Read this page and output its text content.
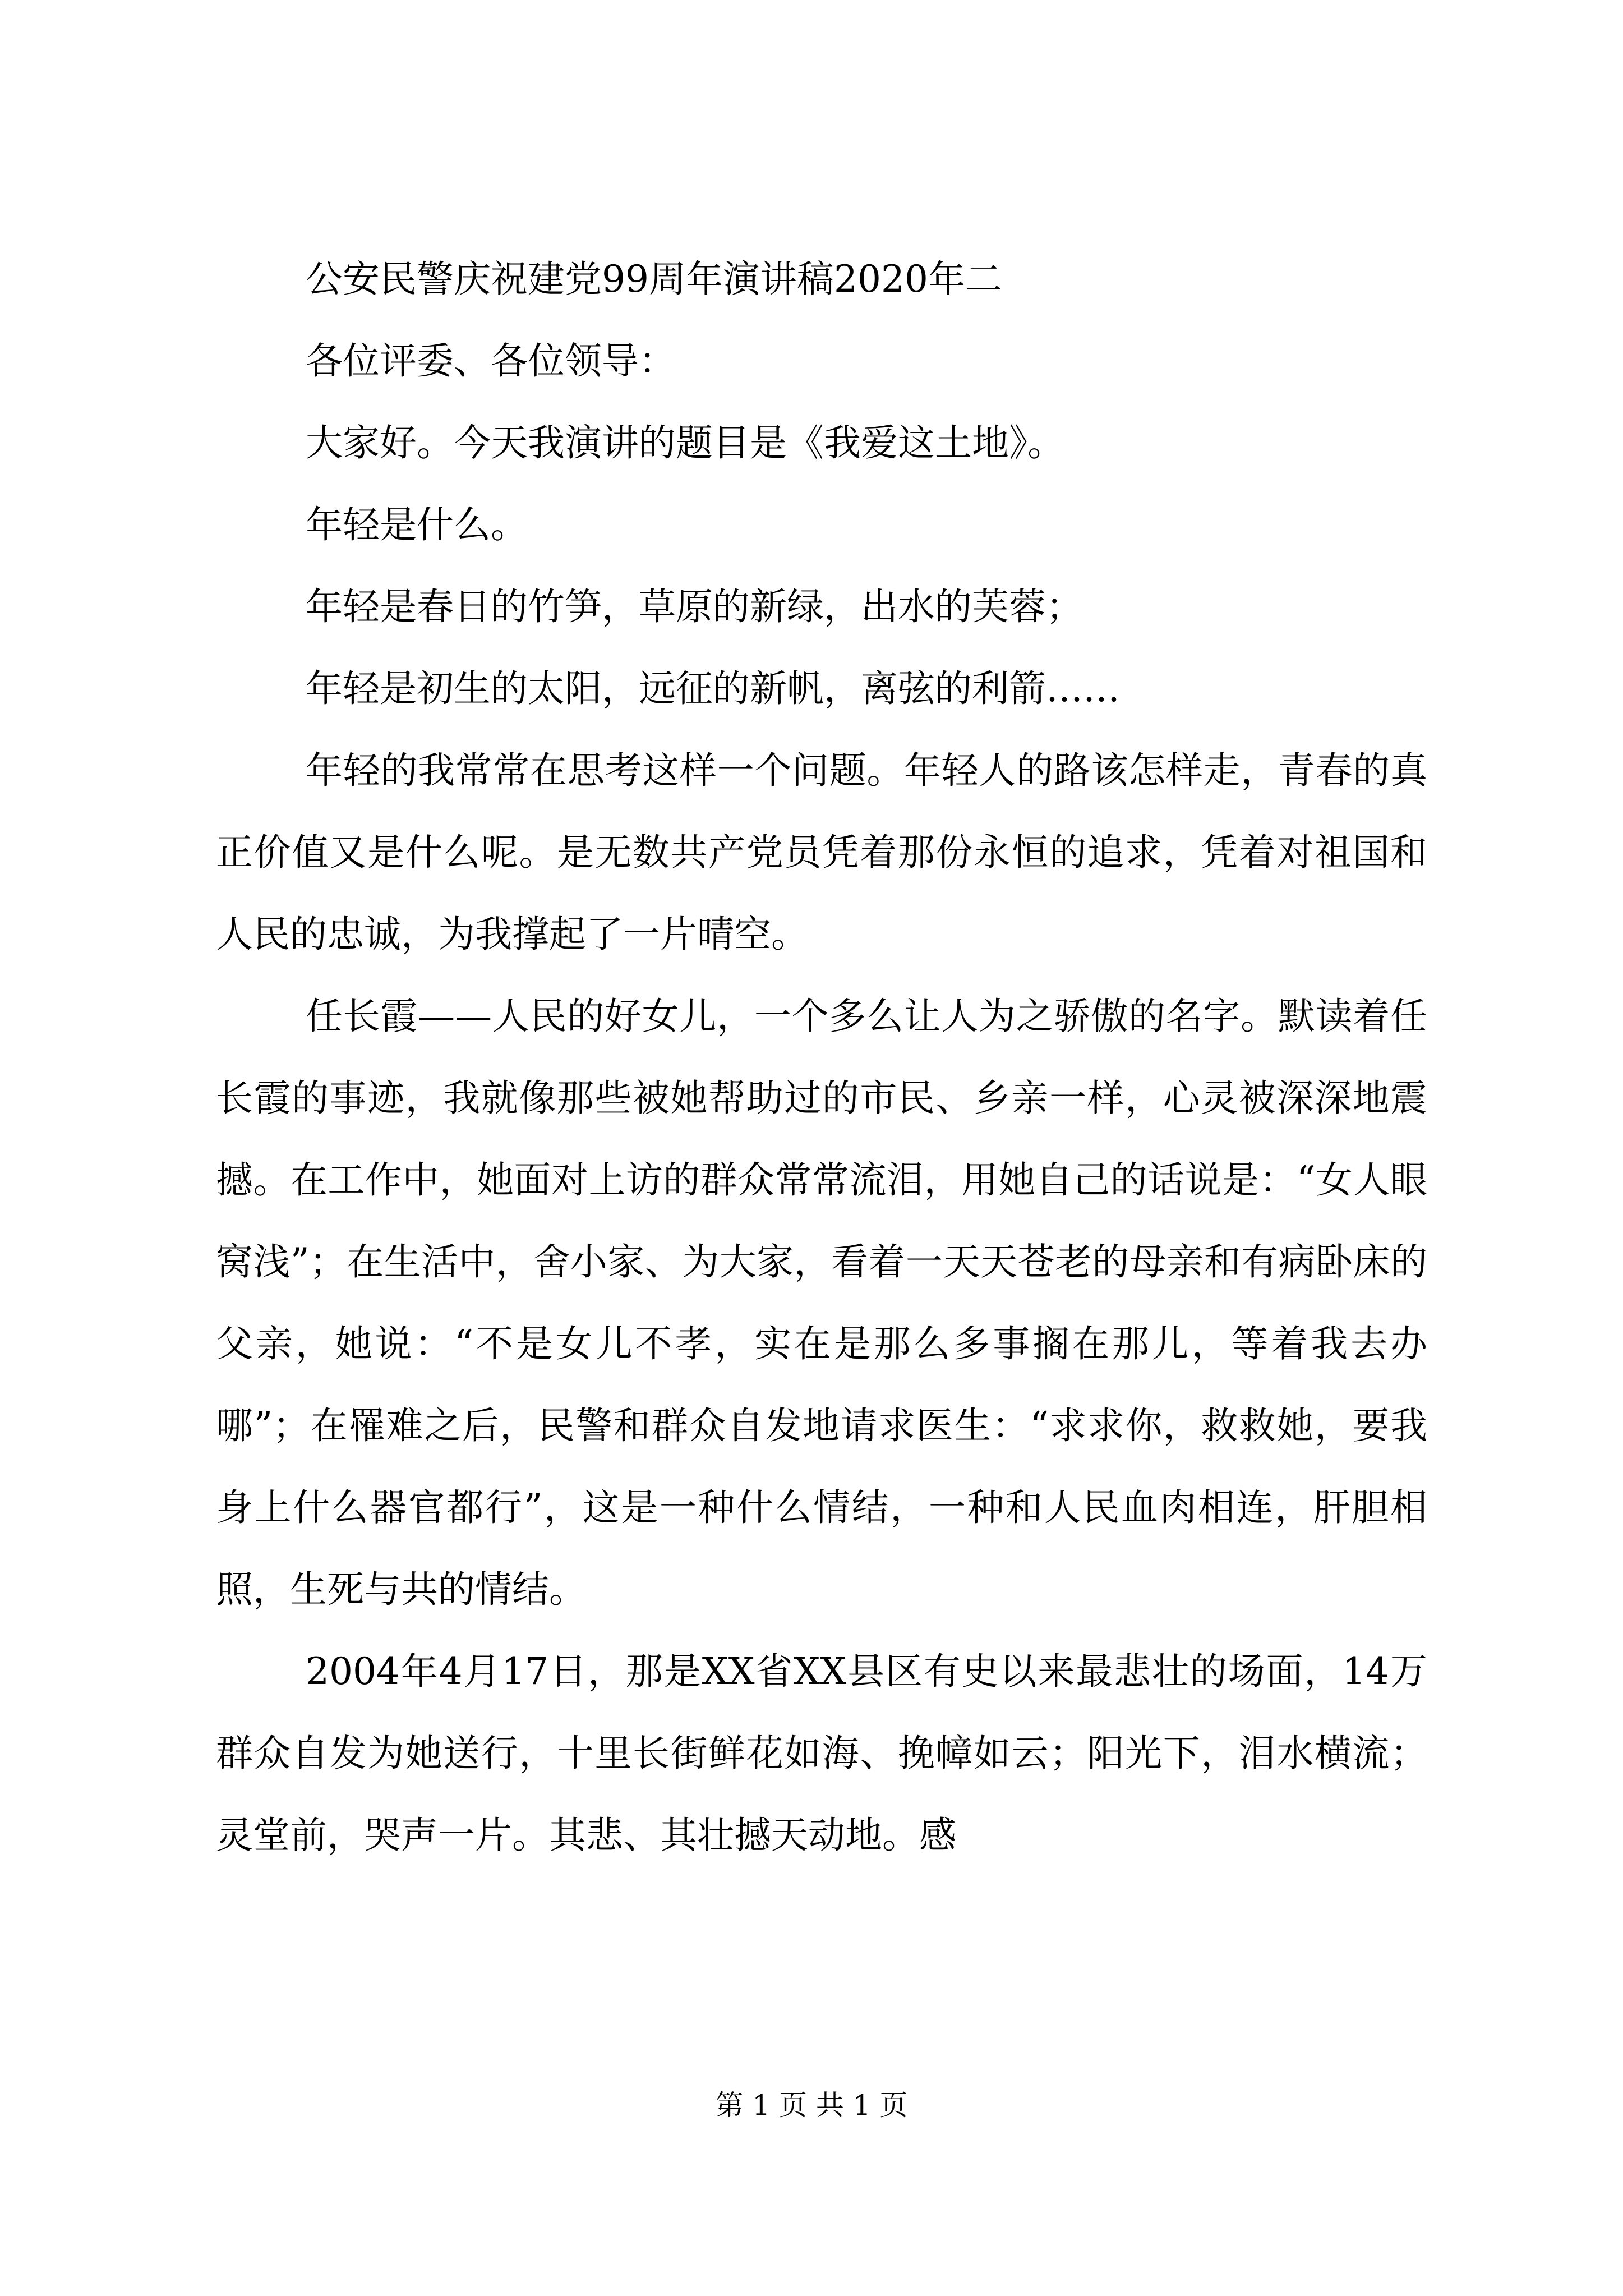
公安民警庆祝建党99周年演讲稿2020年二

各位评委、各位领导：

大家好。今天我演讲的题目是《我爱这土地》。

年轻是什么。

年轻是春日的竹笋，草原的新绿，出水的芙蓉；

年轻是初生的太阳，远征的新帆，离弦的利箭……

年轻的我常常在思考这样一个问题。年轻人的路该怎样走，青春的真正价值又是什么呢。是无数共产党员凭着那份永恒的追求，凭着对祖国和人民的忠诚，为我撑起了一片晴空。

任长霞——人民的好女儿，一个多么让人为之骄傲的名字。默读着任长霞的事迹，我就像那些被她帮助过的市民、乡亲一样，心灵被深深地震撼。在工作中，她面对上访的群众常常流泪，用她自己的话说是：“女人眼窝浅”；在生活中，舍小家、为大家，看着一天天苍老的母亲和有病卧床的父亲，她说：“不是女儿不孝，实在是那么多事搁在那儿，等着我去办哪”；在罹难之后，民警和群众自发地请求医生：“求求你，救救她，要我身上什么器官都行”，这是一种什么情结，一种和人民血肉相连，肝胆相照，生死与共的情结。

2004年4月17日，那是XX省XX县区有史以来最悲壮的场面，14万群众自发为她送行，十里长街鲜花如海、挽幛如云；阳光下，泪水横流；灵堂前，哭声一片。其悲、其壮撼天动地。感

第 1 页 共 1 页
